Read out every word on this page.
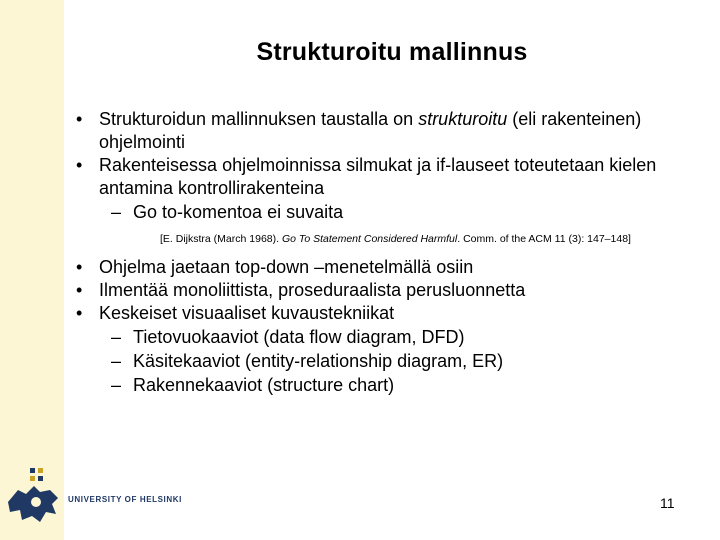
Strukturoitu mallinnus
• Strukturoidun mallinnuksen taustalla on strukturoitu (eli rakenteinen) ohjelmointi
• Rakenteisessa ohjelmoinnissa silmukat ja if-lauseet toteutetaan kielen antamina kontrollirakenteina
– Go to-komentoa ei suvaita
[E. Dijkstra (March 1968). Go To Statement Considered Harmful. Comm. of the ACM 11 (3): 147–148]
• Ohjelma jaetaan top-down –menetelmällä osiin
• Ilmentää monoliittista, proseduraalista perusluonnetta
• Keskeiset visuaaliset kuvaustekniikat
– Tietovuokaaviot (data flow diagram, DFD)
– Käsitekaaviot (entity-relationship diagram, ER)
– Rakennekaaviot (structure chart)
UNIVERSITY OF HELSINKI	11
